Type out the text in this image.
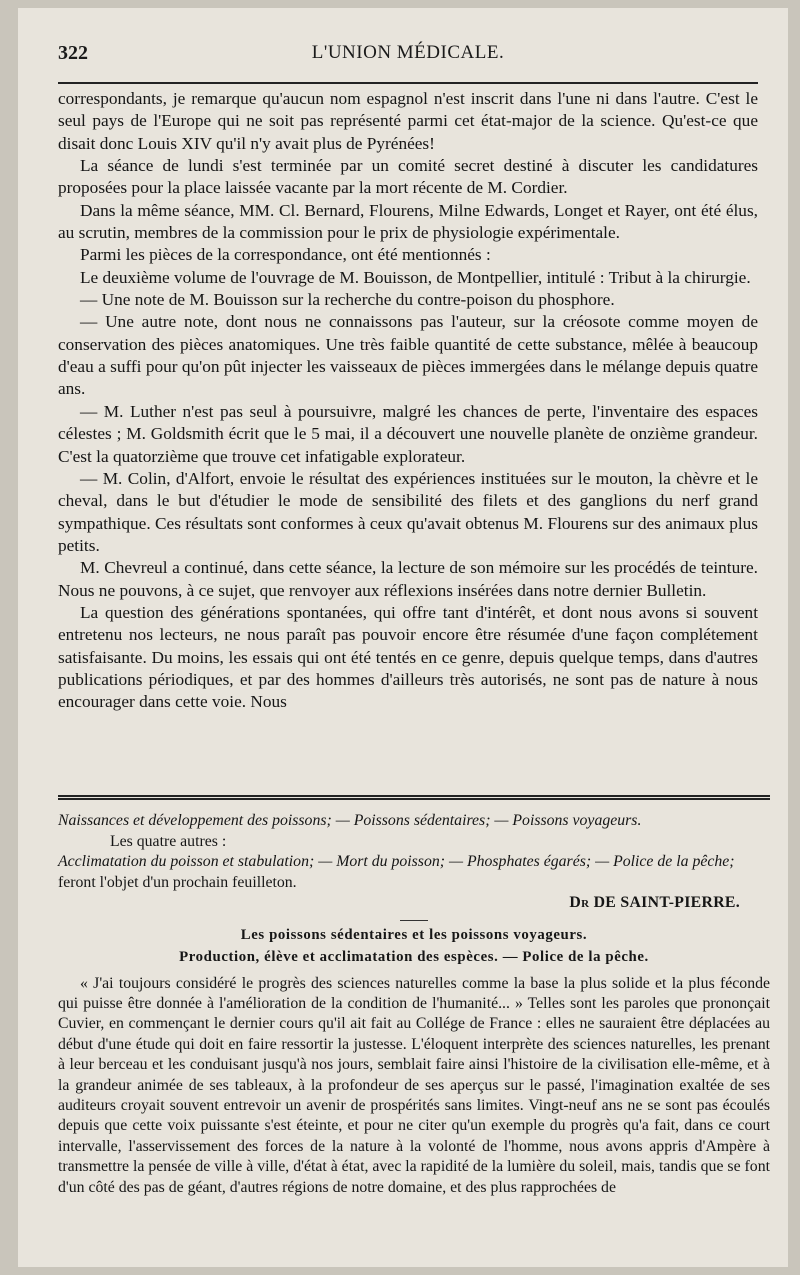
322	L'UNION MÉDICALE.

correspondants, je remarque qu'aucun nom espagnol n'est inscrit dans l'une ni dans l'autre. C'est le seul pays de l'Europe qui ne soit pas représenté parmi cet état-major de la science. Qu'est-ce que disait donc Louis XIV qu'il n'y avait plus de Pyrénées!

La séance de lundi s'est terminée par un comité secret destiné à discuter les candidatures proposées pour la place laissée vacante par la mort récente de M. Cordier.

Dans la même séance, MM. Cl. Bernard, Flourens, Milne Edwards, Longet et Rayer, ont été élus, au scrutin, membres de la commission pour le prix de physiologie expérimentale.

Parmi les pièces de la correspondance, ont été mentionnés :

Le deuxième volume de l'ouvrage de M. Bouisson, de Montpellier, intitulé : Tribut à la chirurgie.

— Une note de M. Bouisson sur la recherche du contre-poison du phosphore.

— Une autre note, dont nous ne connaissons pas l'auteur, sur la créosote comme moyen de conservation des pièces anatomiques. Une très faible quantité de cette substance, mêlée à beaucoup d'eau a suffi pour qu'on pût injecter les vaisseaux de pièces immergées dans le mélange depuis quatre ans.

— M. Luther n'est pas seul à poursuivre, malgré les chances de perte, l'inventaire des espaces célestes ; M. Goldsmith écrit que le 5 mai, il a découvert une nouvelle planète de onzième grandeur. C'est la quatorzième que trouve cet infatigable explorateur.

— M. Colin, d'Alfort, envoie le résultat des expériences instituées sur le mouton, la chèvre et le cheval, dans le but d'étudier le mode de sensibilité des filets et des ganglions du nerf grand sympathique. Ces résultats sont conformes à ceux qu'avait obtenus M. Flourens sur des animaux plus petits.

M. Chevreul a continué, dans cette séance, la lecture de son mémoire sur les procédés de teinture. Nous ne pouvons, à ce sujet, que renvoyer aux réflexions insérées dans notre dernier Bulletin.

La question des générations spontanées, qui offre tant d'intérêt, et dont nous avons si souvent entretenu nos lecteurs, ne nous paraît pas pouvoir encore être résumée d'une façon complétement satisfaisante. Du moins, les essais qui ont été tentés en ce genre, depuis quelque temps, dans d'autres publications périodiques, et par des hommes d'ailleurs très autorisés, ne sont pas de nature à nous encourager dans cette voie. Nous

Naissances et développement des poissons; — Poissons sédentaires; — Poissons voyageurs.

Les quatre autres :

Acclimatation du poisson et stabulation; — Mort du poisson; — Phosphates égarés; — Police de la pêche;

feront l'objet d'un prochain feuilleton.

Dr DE SAINT-PIERRE.

Les poissons sédentaires et les poissons voyageurs.

Production, élève et acclimatation des espèces. — Police de la pêche.

« J'ai toujours considéré le progrès des sciences naturelles comme la base la plus solide et la plus féconde qui puisse être donnée à l'amélioration de la condition de l'humanité... » Telles sont les paroles que prononçait Cuvier, en commençant le dernier cours qu'il ait fait au Collége de France : elles ne sauraient être déplacées au début d'une étude qui doit en faire ressortir la justesse. L'éloquent interprète des sciences naturelles, les prenant à leur berceau et les conduisant jusqu'à nos jours, semblait faire ainsi l'histoire de la civilisation elle-même, et à la grandeur animée de ses tableaux, à la profondeur de ses aperçus sur le passé, l'imagination exaltée de ses auditeurs croyait souvent entrevoir un avenir de prospérités sans limites. Vingt-neuf ans ne se sont pas écoulés depuis que cette voix puissante s'est éteinte, et pour ne citer qu'un exemple du progrès qu'a fait, dans ce court intervalle, l'asservissement des forces de la nature à la volonté de l'homme, nous avons appris d'Ampère à transmettre la pensée de ville à ville, d'état à état, avec la rapidité de la lumière du soleil, mais, tandis que se font d'un côté des pas de géant, d'autres régions de notre domaine, et des plus rapprochées de
